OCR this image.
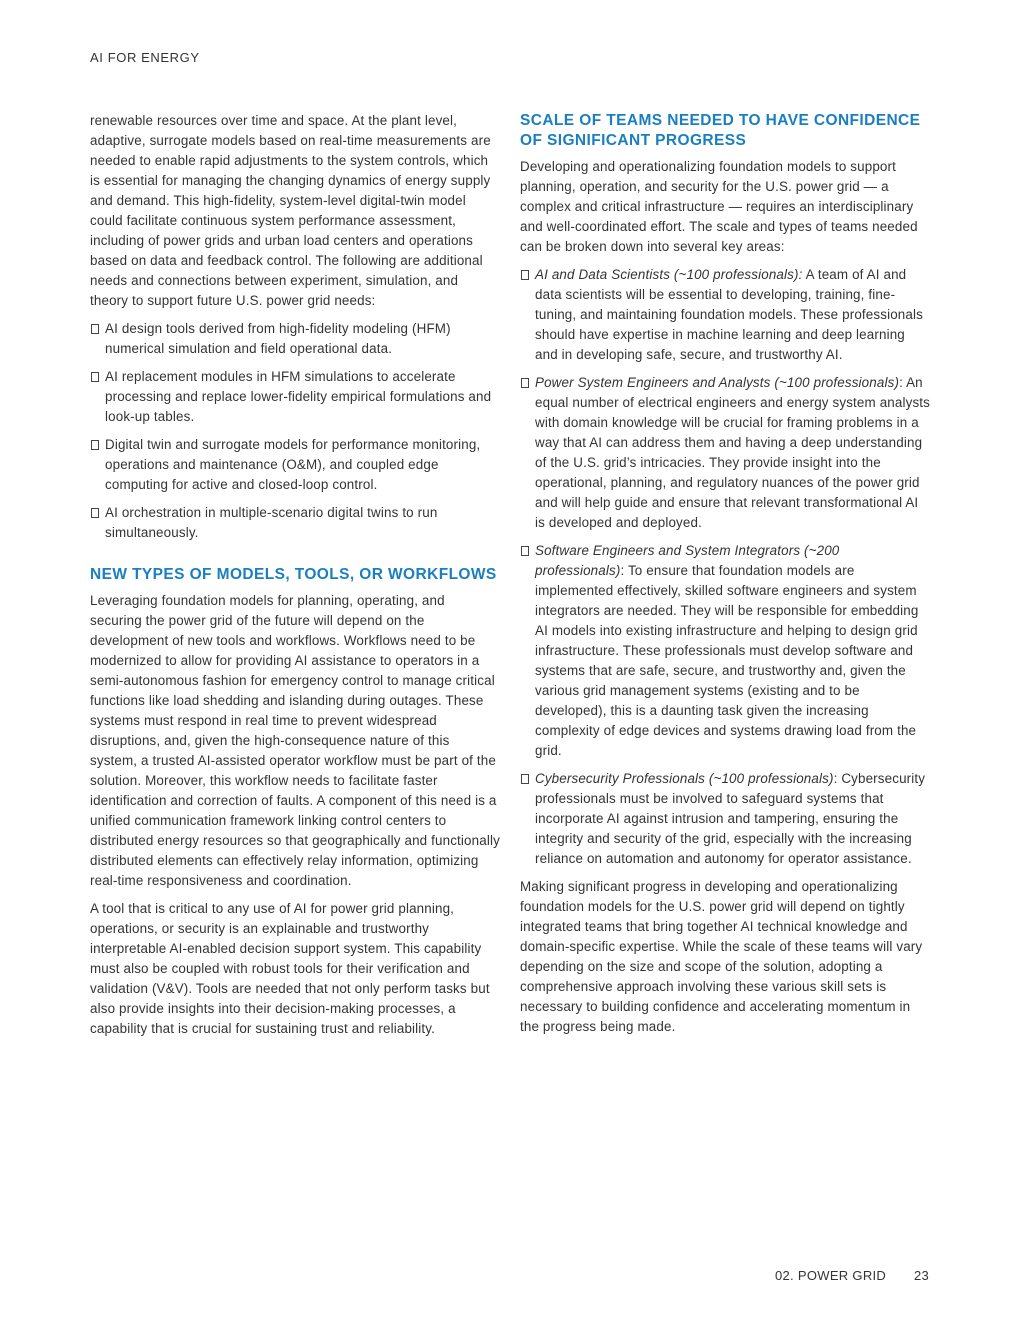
AI FOR ENERGY

renewable resources over time and space. At the plant level, adaptive, surrogate models based on real-time measurements are needed to enable rapid adjustments to the system controls, which is essential for managing the changing dynamics of energy supply and demand. This high-fidelity, system-level digital-twin model could facilitate continuous system performance assessment, including of power grids and urban load centers and operations based on data and feedback control. The following are additional needs and connections between experiment, simulation, and theory to support future U.S. power grid needs:

AI design tools derived from high-fidelity modeling (HFM) numerical simulation and field operational data.
AI replacement modules in HFM simulations to accelerate processing and replace lower-fidelity empirical formulations and look-up tables.
Digital twin and surrogate models for performance monitoring, operations and maintenance (O&M), and coupled edge computing for active and closed-loop control.
AI orchestration in multiple-scenario digital twins to run simultaneously.
NEW TYPES OF MODELS, TOOLS, OR WORKFLOWS

Leveraging foundation models for planning, operating, and securing the power grid of the future will depend on the development of new tools and workflows. Workflows need to be modernized to allow for providing AI assistance to operators in a semi-autonomous fashion for emergency control to manage critical functions like load shedding and islanding during outages. These systems must respond in real time to prevent widespread disruptions, and, given the high-consequence nature of this system, a trusted AI-assisted operator workflow must be part of the solution. Moreover, this workflow needs to facilitate faster identification and correction of faults. A component of this need is a unified communication framework linking control centers to distributed energy resources so that geographically and functionally distributed elements can effectively relay information, optimizing real-time responsiveness and coordination.

A tool that is critical to any use of AI for power grid planning, operations, or security is an explainable and trustworthy interpretable AI-enabled decision support system. This capability must also be coupled with robust tools for their verification and validation (V&V). Tools are needed that not only perform tasks but also provide insights into their decision-making processes, a capability that is crucial for sustaining trust and reliability.

SCALE OF TEAMS NEEDED TO HAVE CONFIDENCE OF SIGNIFICANT PROGRESS

Developing and operationalizing foundation models to support planning, operation, and security for the U.S. power grid — a complex and critical infrastructure — requires an interdisciplinary and well-coordinated effort. The scale and types of teams needed can be broken down into several key areas:

AI and Data Scientists (~100 professionals): A team of AI and data scientists will be essential to developing, training, fine-tuning, and maintaining foundation models. These professionals should have expertise in machine learning and deep learning and in developing safe, secure, and trustworthy AI.
Power System Engineers and Analysts (~100 professionals): An equal number of electrical engineers and energy system analysts with domain knowledge will be crucial for framing problems in a way that AI can address them and having a deep understanding of the U.S. grid’s intricacies. They provide insight into the operational, planning, and regulatory nuances of the power grid and will help guide and ensure that relevant transformational AI is developed and deployed.
Software Engineers and System Integrators (~200 professionals): To ensure that foundation models are implemented effectively, skilled software engineers and system integrators are needed. They will be responsible for embedding AI models into existing infrastructure and helping to design grid infrastructure. These professionals must develop software and systems that are safe, secure, and trustworthy and, given the various grid management systems (existing and to be developed), this is a daunting task given the increasing complexity of edge devices and systems drawing load from the grid.
Cybersecurity Professionals (~100 professionals): Cybersecurity professionals must be involved to safeguard systems that incorporate AI against intrusion and tampering, ensuring the integrity and security of the grid, especially with the increasing reliance on automation and autonomy for operator assistance.

Making significant progress in developing and operationalizing foundation models for the U.S. power grid will depend on tightly integrated teams that bring together AI technical knowledge and domain-specific expertise. While the scale of these teams will vary depending on the size and scope of the solution, adopting a comprehensive approach involving these various skill sets is necessary to building confidence and accelerating momentum in the progress being made.

02. POWER GRID 23
